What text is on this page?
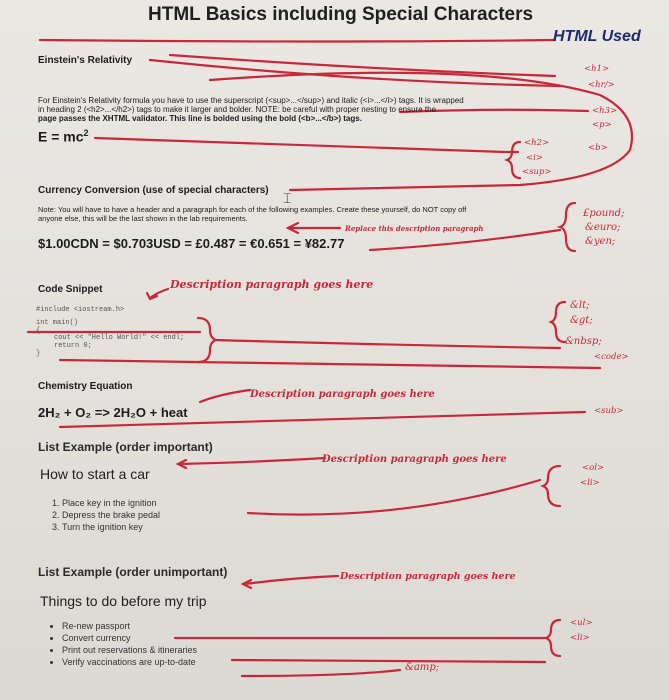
HTML Basics including Special Characters
HTML Used
Einstein's Relativity
For Einstein's Relativity formula you have to use the superscript (<sup>...</sup>) and italic (<i>...</i>) tags. It is wrapped
in heading 2 (<h2>...</h2>) tags to make it larger and bolder. NOTE: be careful with proper nesting to ensure the
page passes the XHTML validator. This line is bolded using the bold (<b>...</b>) tags.
$E = mc^2$
Currency Conversion (use of special characters)
Note: You will have to have a header and a paragraph for each of the following examples. Create these yourself, do NOT copy off
anyone else, this will be the last shown in the lab requirements.
$1.00CDN = $0.703USD = £0.487 = €0.651 = ¥82.77
Replace this description paragraph
Code Snippet	Description paragraph goes here
#include <iostream.h>
int main()
{
cout << "Hello World!" << endl;
return 0;
}
Chemistry Equation
Description paragraph goes here
2H₂ + O₂ => 2H₂O + heat
List Example (order important)
Description paragraph goes here
How to start a car
1. Place key in the ignition
2. Depress the brake pedal
3. Turn the ignition key
List Example (order unimportant)	Description paragraph goes here
Things to do before my trip
• Re-new passport
• Convert currency
• Print out reservations & itineraries
• Verify vaccinations are up-to-date
<h1>
<hr/>
<h3>
<p>
<b>
<h2>
<i>
<sup>
£pound;
&euro;
&yen;
&lt;
&gt;
&nbsp;
<code>
<sub>
<ol>
<li>
<ul>
<li>
&amp;
⌶
